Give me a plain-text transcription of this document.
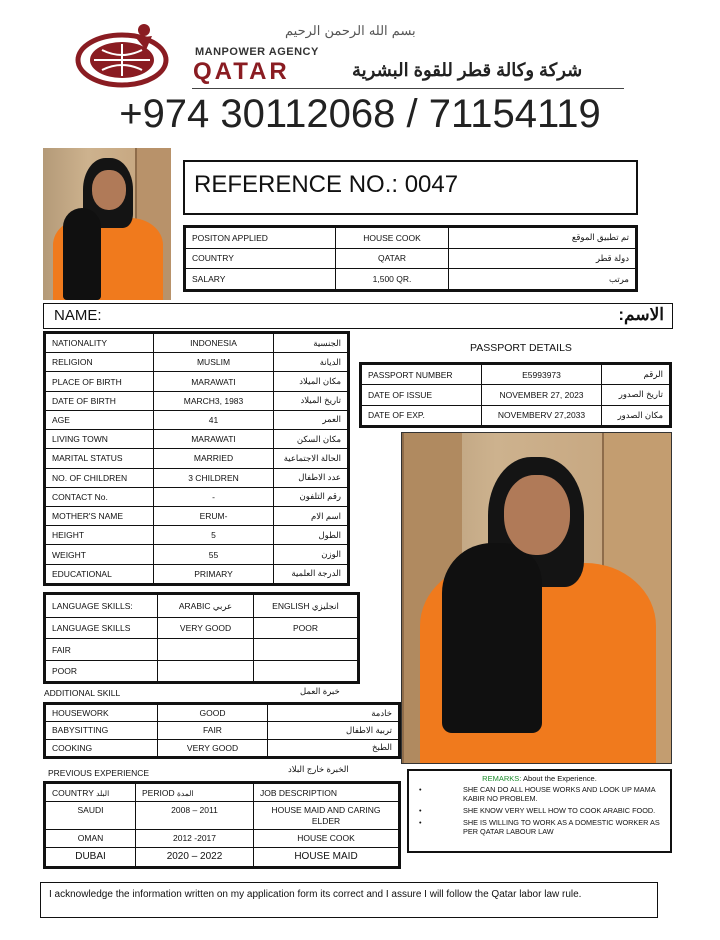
بسم الله الرحمن الرحيم
MANPOWER AGENCY
QATAR	شركة وكالة قطر للقوة البشرية
+974 30112068 / 71154119
REFERENCE NO.: 0047
POSITON APPLIED	HOUSE COOK	تم تطبيق الموقع
COUNTRY	QATAR	دولة قطر
SALARY	1,500 QR.	مرتب
NAME:	الاسم:
NATIONALITY	INDONESIA	الجنسية
RELIGION	MUSLIM	الديانة
PLACE OF BIRTH	MARAWATI	مكان الميلاد
DATE OF BIRTH	MARCH3, 1983	تاريخ الميلاد
AGE	41	العمر
LIVING TOWN	MARAWATI	مكان السكن
MARITAL STATUS	MARRIED	الحالة الاجتماعية
NO. OF CHILDREN	3 CHILDREN	عدد الاطفال
CONTACT No.	-	رقم التلفون
MOTHER'S NAME	ERUM-	اسم الام
HEIGHT	5	الطول
WEIGHT	55	الوزن
EDUCATIONAL	PRIMARY	الدرجة العلمية
PASSPORT DETAILS
PASSPORT NUMBER	E5993973	الرقم
DATE OF ISSUE	NOVEMBER 27, 2023	تاريخ الصدور
DATE OF EXP.	NOVEMBERV 27,2033	مكان الصدور
LANGUAGE SKILLS:	ARABIC عربي	ENGLISH انجليزي
LANGUAGE SKILLS	VERY GOOD	POOR
FAIR		
POOR		
ADDITIONAL SKILL	خبرة العمل
HOUSEWORK	GOOD	خادمة
BABYSITTING	FAIR	تربية الاطفال
COOKING	VERY GOOD	الطبخ
PREVIOUS EXPERIENCE	الخبرة خارج البلاد
COUNTRY البلد	PERIOD المدة	JOB DESCRIPTION
SAUDI	2008 – 2011	HOUSE MAID AND CARING ELDER
OMAN	2012 -2017	HOUSE COOK
DUBAI	2020 – 2022	HOUSE MAID
REMARKS: About the Experience.
•	SHE CAN DO ALL HOUSE WORKS AND LOOK UP MAMA KABIR NO PROBLEM.
•	SHE KNOW VERY WELL HOW TO COOK ARABIC FOOD.
•	SHE IS WILLING TO WORK AS A DOMESTIC WORKER AS PER QATAR LABOUR LAW
I acknowledge the information written on my application form its correct and I assure I will follow the Qatar labor law rule.
